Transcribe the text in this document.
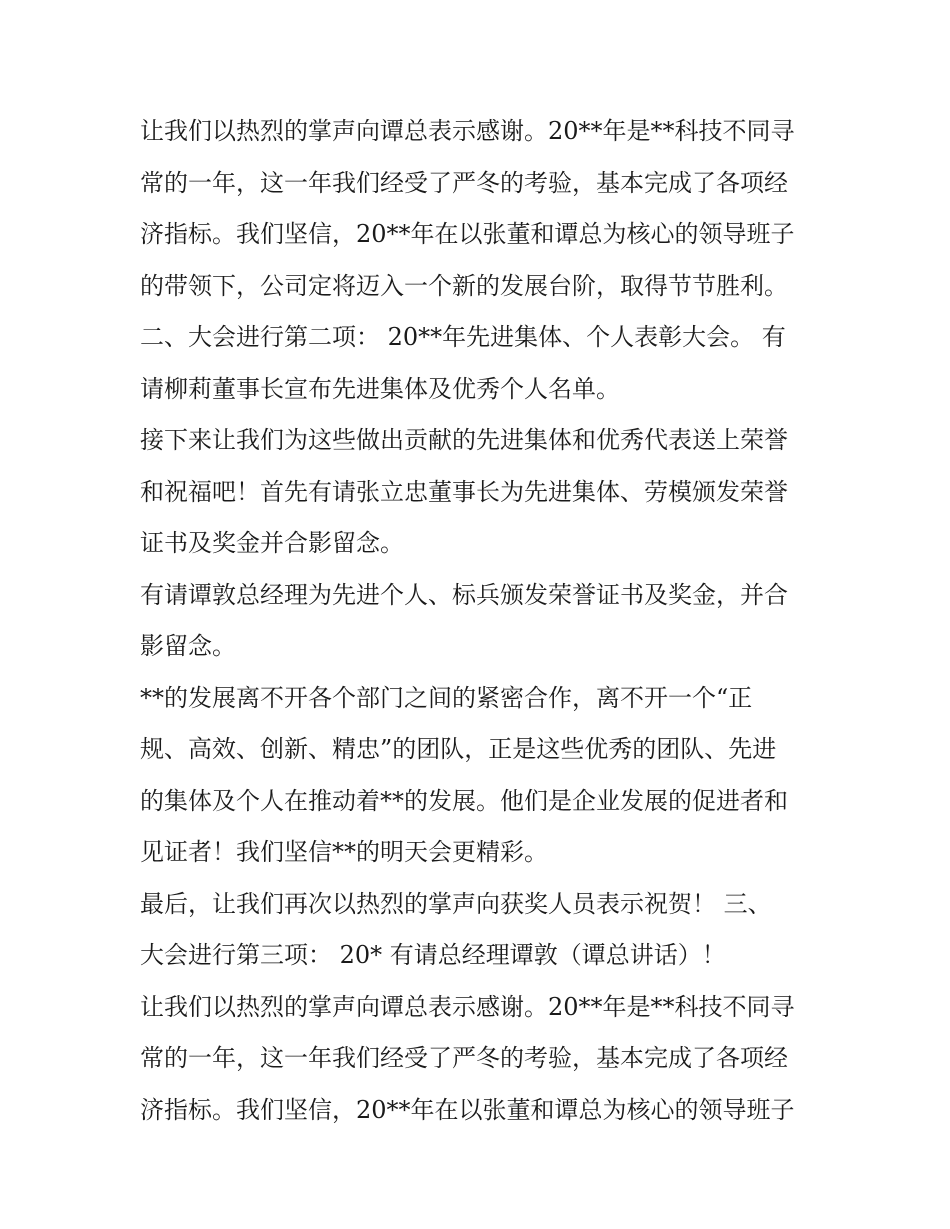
让我们以热烈的掌声向谭总表示感谢。20**年是**科技不同寻
常的一年，这一年我们经受了严冬的考验，基本完成了各项经
济指标。我们坚信，20**年在以张董和谭总为核心的领导班子
的带领下，公司定将迈入一个新的发展台阶，取得节节胜利。
二、大会进行第二项： 20**年先进集体、个人表彰大会。 有
请柳莉董事长宣布先进集体及优秀个人名单。
接下来让我们为这些做出贡献的先进集体和优秀代表送上荣誉
和祝福吧！首先有请张立忠董事长为先进集体、劳模颁发荣誉
证书及奖金并合影留念。
有请谭敦总经理为先进个人、标兵颁发荣誉证书及奖金，并合
影留念。
**的发展离不开各个部门之间的紧密合作，离不开一个“正
规、高效、创新、精忠”的团队，正是这些优秀的团队、先进
的集体及个人在推动着**的发展。他们是企业发展的促进者和
见证者！我们坚信**的明天会更精彩。
最后，让我们再次以热烈的掌声向获奖人员表示祝贺！ 三、
大会进行第三项： 20* 有请总经理谭敦（谭总讲话）！
让我们以热烈的掌声向谭总表示感谢。20**年是**科技不同寻
常的一年，这一年我们经受了严冬的考验，基本完成了各项经
济指标。我们坚信，20**年在以张董和谭总为核心的领导班子
